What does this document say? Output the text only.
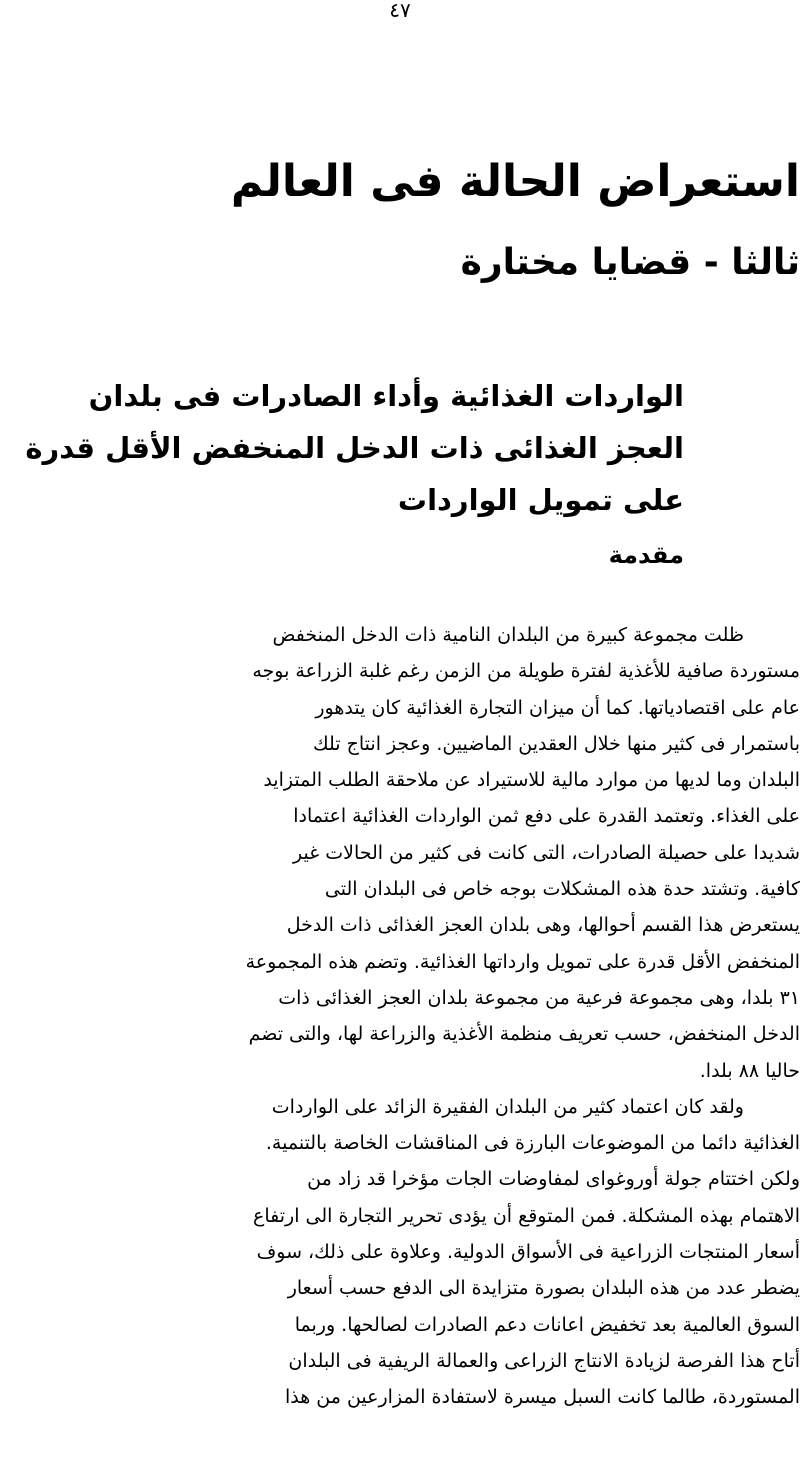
٤٧
استعراض الحالة فى العالم
ثالثا - قضايا مختارة
الواردات الغذائية وأداء الصادرات فى بلدان
العجز الغذائى ذات الدخل المنخفض الأقل قدرة
على تمويل الواردات
مقدمة
ظلت مجموعة كبيرة من البلدان النامية ذات الدخل المنخفض
مستوردة صافية للأغذية لفترة طويلة من الزمن رغم غلبة الزراعة بوجه
عام على اقتصادياتها. كما أن ميزان التجارة الغذائية كان يتدهور
باستمرار فى كثير منها خلال العقدين الماضيين. وعجز انتاج تلك
البلدان وما لديها من موارد مالية للاستيراد عن ملاحقة الطلب المتزايد
على الغذاء. وتعتمد القدرة على دفع ثمن الواردات الغذائية اعتمادا
شديدا على حصيلة الصادرات، التى كانت فى كثير من الحالات غير
كافية. وتشتد حدة هذه المشكلات بوجه خاص فى البلدان التى
يستعرض هذا القسم أحوالها، وهى بلدان العجز الغذائى ذات الدخل
المنخفض الأقل قدرة على تمويل وارداتها الغذائية. وتضم هذه المجموعة
٣١ بلدا، وهى مجموعة فرعية من مجموعة بلدان العجز الغذائى ذات
الدخل المنخفض، حسب تعريف منظمة الأغذية والزراعة لها، والتى تضم
حاليا ٨٨ بلدا.
ولقد كان اعتماد كثير من البلدان الفقيرة الزائد على الواردات
الغذائية دائما من الموضوعات البارزة فى المناقشات الخاصة بالتنمية.
ولكن اختتام جولة أوروغواى لمفاوضات الجات مؤخرا قد زاد من
الاهتمام بهذه المشكلة. فمن المتوقع أن يؤدى تحرير التجارة الى ارتفاع
أسعار المنتجات الزراعية فى الأسواق الدولية. وعلاوة على ذلك، سوف
يضطر عدد من هذه البلدان بصورة متزايدة الى الدفع حسب أسعار
السوق العالمية بعد تخفيض اعانات دعم الصادرات لصالحها. وربما
أتاح هذا الفرصة لزيادة الانتاج الزراعى والعمالة الريفية فى البلدان
المستوردة، طالما كانت السبل ميسرة لاستفادة المزارعين من هذا
